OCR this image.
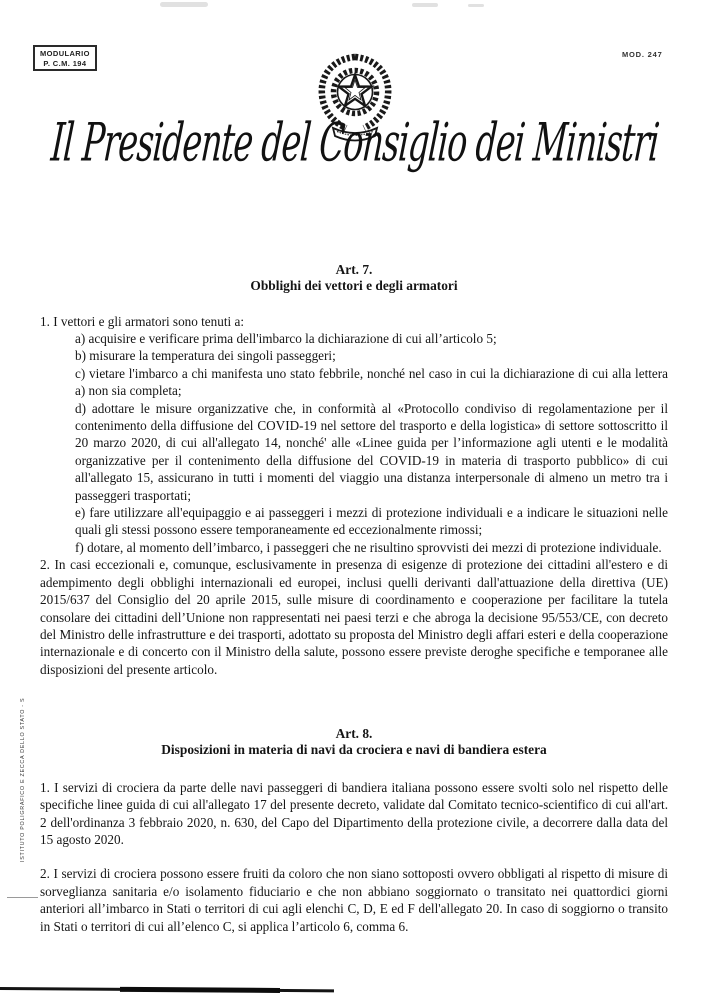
MODULARIO
P. C.M. 194
MOD. 247
Il Presidente del Consiglio dei Ministri
Art. 7.
Obblighi dei vettori e degli armatori

1. I vettori e gli armatori sono tenuti a:

a) acquisire e verificare prima dell'imbarco la dichiarazione di cui all’articolo 5;
b) misurare la temperatura dei singoli passeggeri;
c) vietare l'imbarco a chi manifesta uno stato febbrile, nonché nel caso in cui la dichiarazione di cui alla lettera a) non sia completa;
d) adottare le misure organizzative che, in conformità al «Protocollo condiviso di regolamentazione per il contenimento della diffusione del COVID-19 nel settore del trasporto e della logistica» di settore sottoscritto il 20 marzo 2020, di cui all'allegato 14, nonché' alle «Linee guida per l’informazione agli utenti e le modalità organizzative per il contenimento della diffusione del COVID-19 in materia di trasporto pubblico» di cui all'allegato 15, assicurano in tutti i momenti del viaggio una distanza interpersonale di almeno un metro tra i passeggeri trasportati;
e) fare utilizzare all'equipaggio e ai passeggeri i mezzi di protezione individuali e a indicare le situazioni nelle quali gli stessi possono essere temporaneamente ed eccezionalmente rimossi;
f) dotare, al momento dell’imbarco, i passeggeri che ne risultino sprovvisti dei mezzi di protezione individuale.

2. In casi eccezionali e, comunque, esclusivamente in presenza di esigenze di protezione dei cittadini all'estero e di adempimento degli obblighi internazionali ed europei, inclusi quelli derivanti dall'attuazione della direttiva (UE) 2015/637 del Consiglio del 20 aprile 2015, sulle misure di coordinamento e cooperazione per facilitare la tutela consolare dei cittadini dell’Unione non rappresentati nei paesi terzi e che abroga la decisione 95/553/CE, con decreto del Ministro delle infrastrutture e dei trasporti, adottato su proposta del Ministro degli affari esteri e della cooperazione internazionale e di concerto con il Ministro della salute, possono essere previste deroghe specifiche e temporanee alle disposizioni del presente articolo.

Art. 8.
Disposizioni in materia di navi da crociera e navi di bandiera estera

1. I servizi di crociera da parte delle navi passeggeri di bandiera italiana possono essere svolti solo nel rispetto delle specifiche linee guida di cui all'allegato 17 del presente decreto, validate dal Comitato tecnico-scientifico di cui all'art. 2 dell'ordinanza 3 febbraio 2020, n. 630, del Capo del Dipartimento della protezione civile, a decorrere dalla data del 15 agosto 2020.

2. I servizi di crociera possono essere fruiti da coloro che non siano sottoposti ovvero obbligati al rispetto di misure di sorveglianza sanitaria e/o isolamento fiduciario e che non abbiano soggiornato o transitato nei quattordici giorni anteriori all’imbarco in Stati o territori di cui agli elenchi C, D, E ed F dell'allegato 20. In caso di soggiorno o transito in Stati o territori di cui all’elenco C, si applica l’articolo 6, comma 6.

ISTITUTO POLIGRAFICO E ZECCA DELLO STATO - S
